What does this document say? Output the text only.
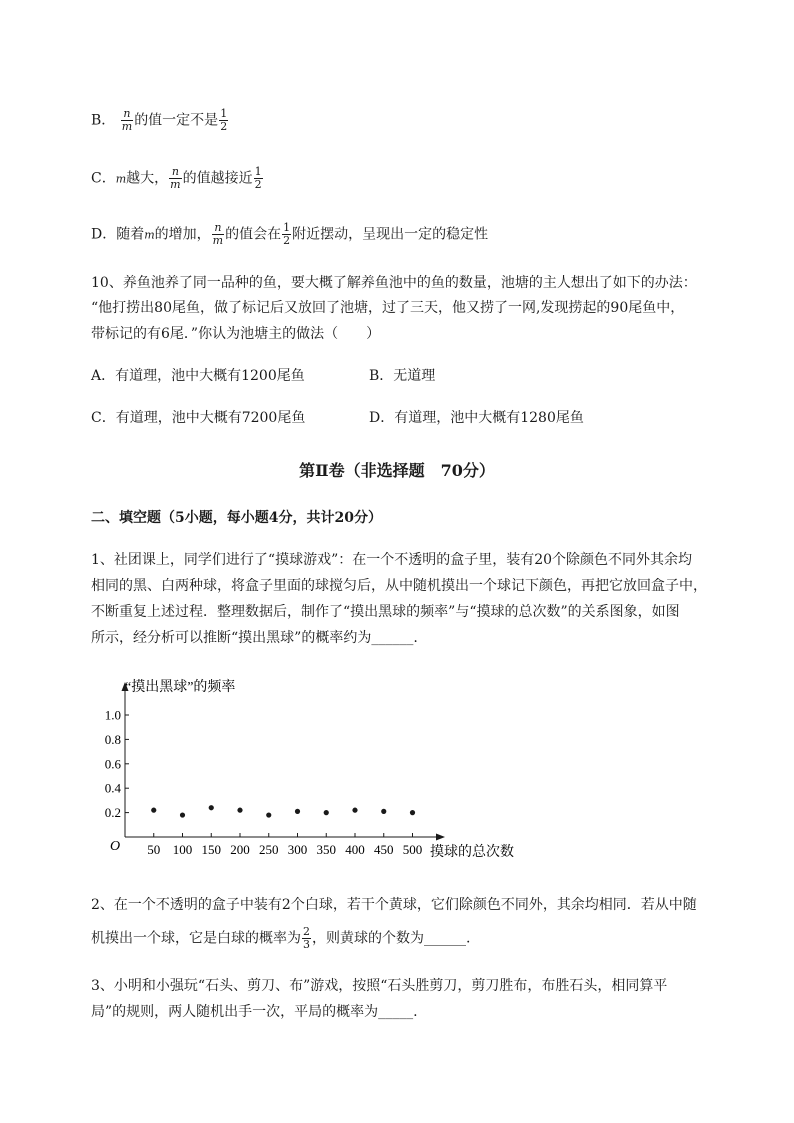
B． $\frac{n}{m}$ 的值一定不是 $\frac{1}{2}$
C．m越大， $\frac{n}{m}$ 的值越接近 $\frac{1}{2}$
D．随着m的增加， $\frac{n}{m}$ 的值会在 $\frac{1}{2}$ 附近摆动，呈现出一定的稳定性
10、养鱼池养了同一品种的鱼，要大概了解养鱼池中的鱼的数量，池塘的主人想出了如下的办法：
“他打捞出80尾鱼，做了标记后又放回了池塘，过了三天，他又捞了一网,发现捞起的90尾鱼中，
带标记的有6尾．”你认为池塘主的做法（　　）
A．有道理，池中大概有1200尾鱼	B．无道理
C．有道理，池中大概有7200尾鱼	D．有道理，池中大概有1280尾鱼
第Ⅱ卷（非选择题　70分）
二、填空题（5小题，每小题4分，共计20分）
1、社团课上，同学们进行了“摸球游戏”：在一个不透明的盒子里，装有20个除颜色不同外其余均
相同的黑、白两种球，将盒子里面的球搅匀后，从中随机摸出一个球记下颜色，再把它放回盒子中，
不断重复上述过程．整理数据后，制作了“摸出黑球的频率”与“摸球的总次数”的关系图象，如图
所示，经分析可以推断“摸出黑球”的概率约为______.
0.2
0.4
0.6
0.8
1.0
50 100 150 200 250 300 350 400 450 500
“摸出黑球”的频率
摸球的总次数
O
2、在一个不透明的盒子中装有2个白球，若干个黄球，它们除颜色不同外，其余均相同．若从中随
机摸出一个球，它是白球的概率为 $\frac{2}{3}$ ，则黄球的个数为______.
3、小明和小强玩“石头、剪刀、布”游戏，按照“石头胜剪刀，剪刀胜布，布胜石头，相同算平
局”的规则，两人随机出手一次，平局的概率为_____.
